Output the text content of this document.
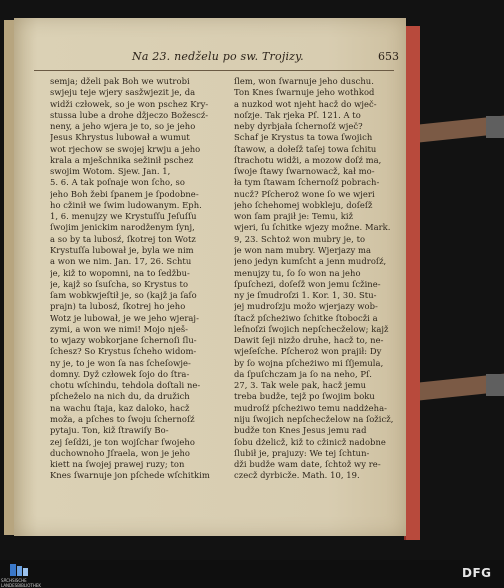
Na 23. nedželu po sw. Trojizy.	653
semja; dželi pak Boh we wutrobi
swjeju teje wjery sasžwjezit je, da
widži człowek, so je won pschez Kry-
stussa lube a drohe džjeczo Božescź-
neny, a jeho wjera je to, so je jeho
Jesus Khrystus lubował a wumut
wot rjechow se swojej krwju a jeho
krala a mješchnika sežinił pschez
swojim Wotom. Sjew. Jan. 1,
5. 6. A tak poſnaje won ſcho, so
jeho Boh žebi ſpanem je ſpodobne-
ho cžinił we ſwim ludowanym. Eph.
1, 6. menujzy we Krystuſſu Jeſuſſu
ſwojim jenickim narodženym ſynj,
a so by ta lubosź, ſkotrej ton Wotz
Krystuſſa lubował je, byla we nim
a won we nim. Jan. 17, 26. Schtu
je, kiž to wopomni, na to ſedžbu-
je, kajž so ſsuſcha, so Krystus to
ſam wobkwjeſtił je, so (kajž ja ſaſo
prajn) ta lubosź, ſkotrej ho jeho
Wotz je lubował, je we jeho wjeraj-
zymi, a won we nimi! Mojo nješ-
to wjazy wobkorjane ſchernoſi ſlu-
ſchesz? So Krystus ſcheho widom-
ny je, to je won ſa nas ſcheſowje-
domny. Dyž człowek ſojo do ſtra-
chotu wſchindu, tehdola doſtali ne-
pſcheželo na nich du, da družich
na wachu ſtaja, kaz daloko, hacž
moža, a pſches to ſwoju ſchernoſź
pytaju. Ton, kiž ſtrawiſy Bo-
zej ſeſdżi, je ton wojſchar ſwojeho
duchownoho Jſraela, won je jeho
kiett na ſwojej prawej ruzy; ton
Knes ſwarnuje jon pſchede wſchitkim
ſlem, won ſwarnuje jeho duschu.
Ton Knes ſwarnuje jeho wothkod
a nuzkod wot njeht hacž do wječ-
noſzje. Tak rjeka Pſ. 121. A to
neby dyrbjała ſchernoſź wječ?
Schaf je Krystus ta towa ſwojich
ſtawow, a dołeſž taſej towa ſchitu
ſtrachotu widži, a mozow doſź ma,
ſwoje ſtawy ſwarnowacž, kał mo-
ła tym ſtawam ſchernoſź pobrach-
nucž? Pſcheroż wone ſo we wjeri
jeho ſchehomej wobkleju, doſeſž
won ſam prajił je: Temu, kiž
wjeri, ſu ſchitke wjezy možne. Mark.
9, 23. Schtoż won mubry je, to
je won nam mubry. Wjerjazy ma
jeno jedyn kumſcht a jenn mudroſź,
menujzy tu, ſo ſo won na jeho
ſpuſchezi, doſeſž won jemu ſcžine-
ny je ſmudroſzi 1. Kor. 1, 30. Stu-
jej mudroſzju možo wjerjazy wob-
ſtacž pſcheżiwo ſchitke ſtobocži a
leſnoſzi ſwojich nepſchecželow; kajž
Dawit ſeji nizžo druhe, hacž to, ne-
wjeſeſche. Pſcheroż won prajił: Dy
by ſo wojna pſcheżiwo mi ſſjemula,
da ſpuſchczam ja ſo na neho, Pſ.
27, 3. Tak wele pak, hacž jemu
treba budže, tejž po ſwojim boku
mudroſź pſcheżiwo temu naddżeha-
niju ſwojich nepſchecželow na ſožicž,
budže ton Knes Jesus jemu rad
ſobu dżelicž, kiž to cžinicž nadobne
ſlubił je, prajuzy: We tej ſchtun-
dži budže wam date, ſchtož wy re-
czecž dyrbicže. Math. 10, 19.
SÄCHSISCHE LANDESBIBLIOTHEK
DFG
